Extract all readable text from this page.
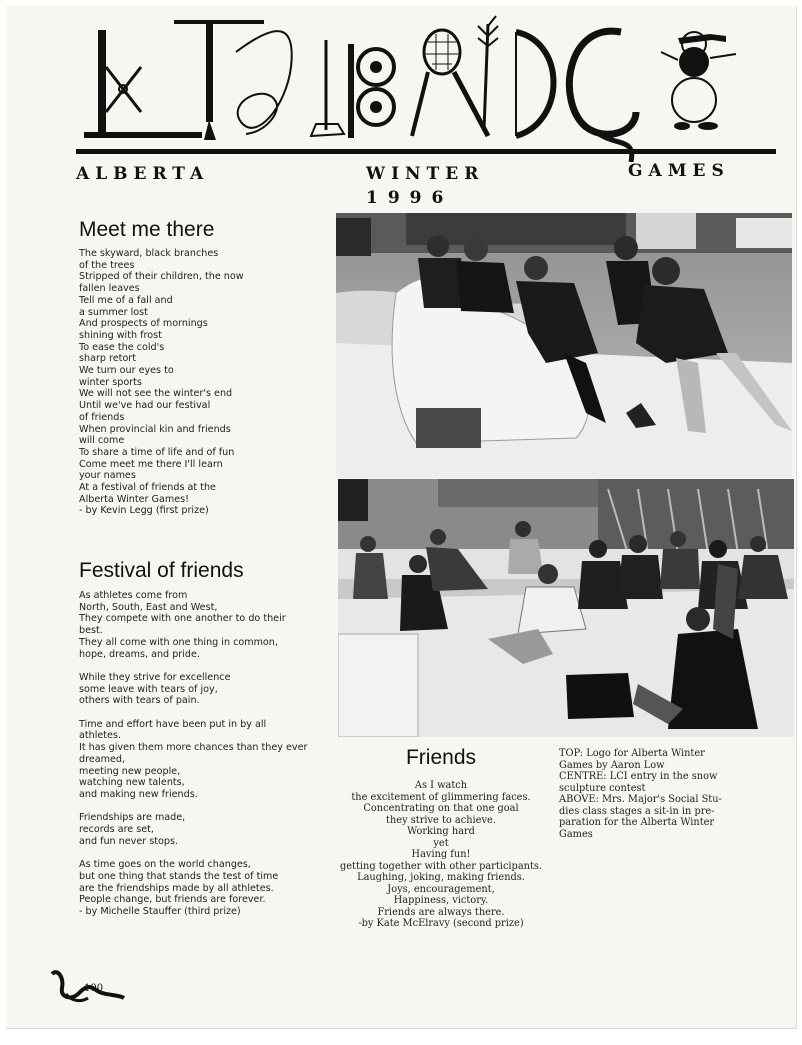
ALBERTA	WINTER	GAMES
1996
Meet me there
The skyward, black branches
of the trees
Stripped of their children, the now
fallen leaves
Tell me of a fall and
a summer lost
And prospects of mornings
shining with frost
To ease the cold's
sharp retort
We turn our eyes to
winter sports
We will not see the winter's end
Until we've had our festival
of friends
When provincial kin and friends
will come
To share a time of life and of fun
Come meet me there I'll learn
your names
At a festival of friends at the
Alberta Winter Games!
- by Kevin Legg (first prize)
Festival of friends
As athletes come from
North, South, East and West,
They compete with one another to do their
best.
They all come with one thing in common,
hope, dreams, and pride.
While they strive for excellence
some leave with tears of joy,
others with tears of pain.
Time and effort have been put in by all
athletes.
It has given them more chances than they ever
dreamed,
meeting new people,
watching new talents,
and making new friends.
Friendships are made,
records are set,
and fun never stops.
As time goes on the world changes,
but one thing that stands the test of time
are the friendships made by all athletes.
People change, but friends are forever.
- by Michelle Stauffer (third prize)
Friends
As I watch
the excitement of glimmering faces.
Concentrating on that one goal
they strive to achieve.
Working hard
yet
Having fun!
getting together with other participants.
Laughing, joking, making friends.
Joys, encouragement,
Happiness, victory.
Friends are always there.
-by Kate McElravy (second prize)
TOP: Logo for Alberta Winter
Games by Aaron Low
CENTRE: LCI entry in the snow
sculpture contest
ABOVE: Mrs. Major's Social Stu-
dies class stages a sit-in in pre-
paration for the Alberta Winter
Games
100
